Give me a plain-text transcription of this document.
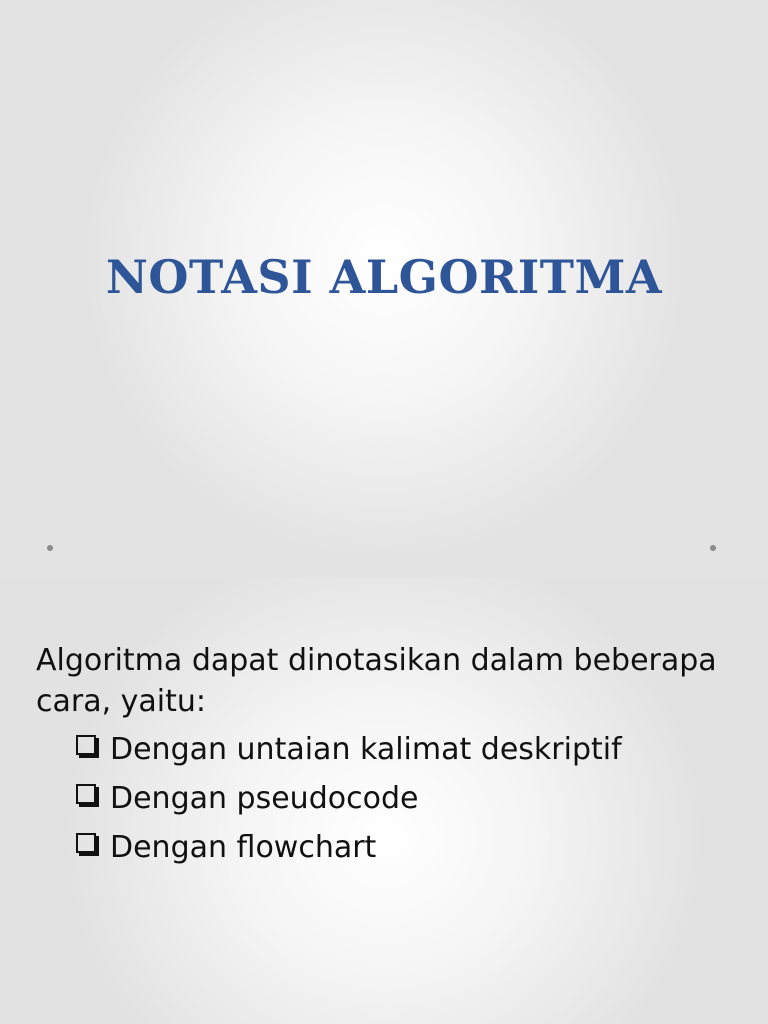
NOTASI ALGORITMA
Algoritma dapat dinotasikan dalam beberapa cara, yaitu:
Dengan untaian kalimat deskriptif
Dengan pseudocode
Dengan flowchart
